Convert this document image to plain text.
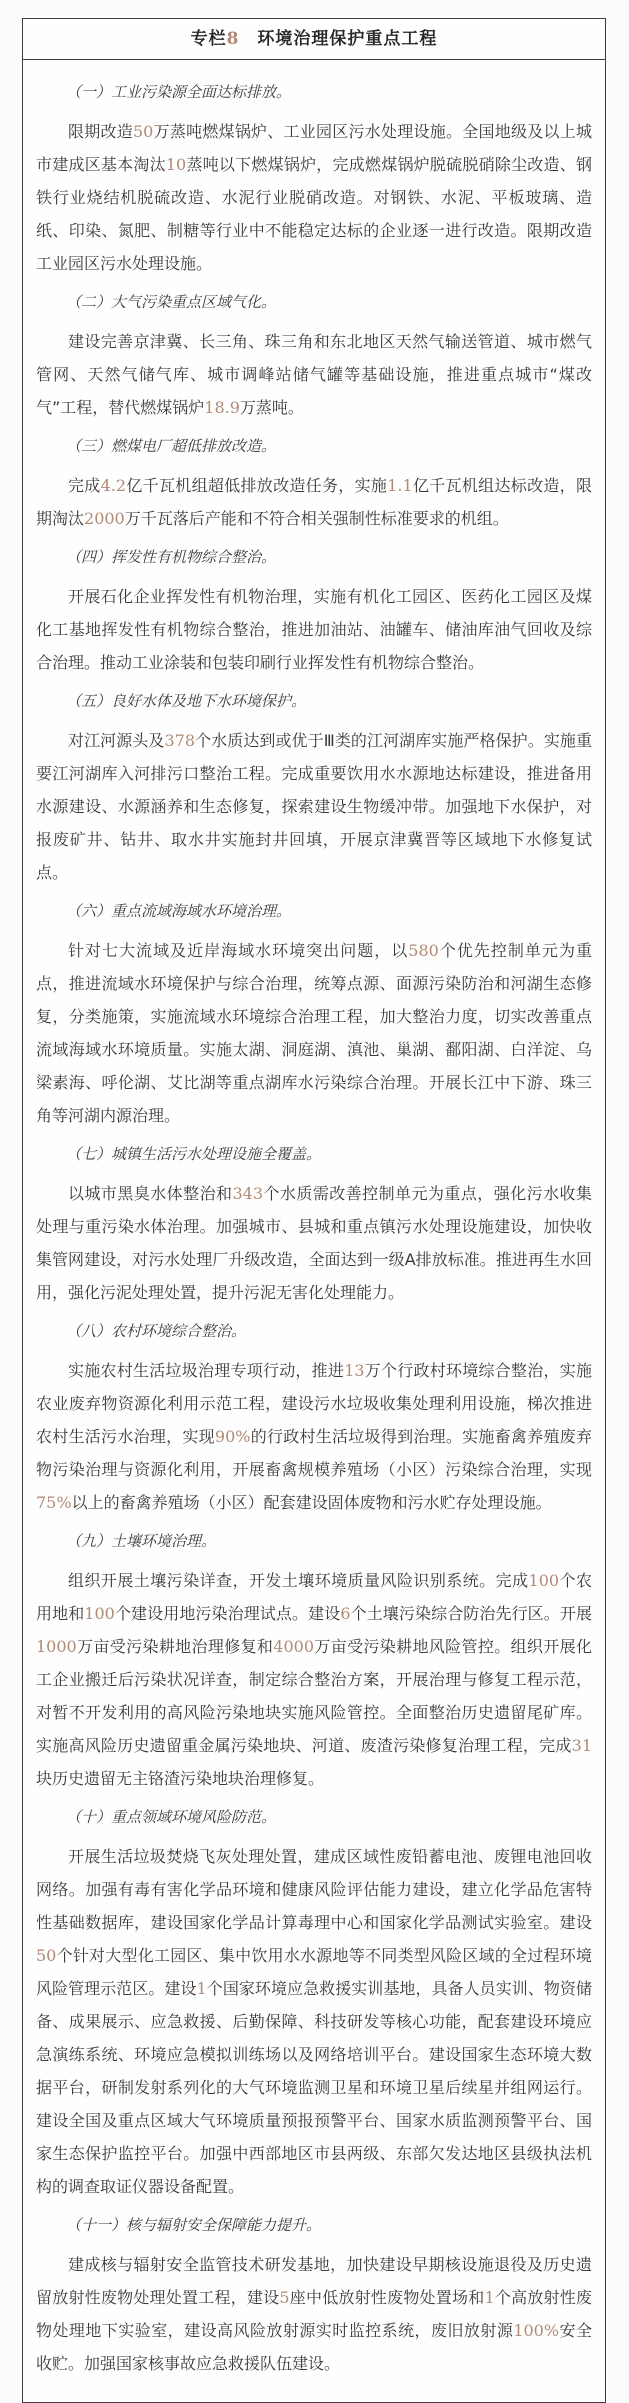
专栏8　环境治理保护重点工程
（一）工业污染源全面达标排放。

限期改造50万蒸吨燃煤锅炉、工业园区污水处理设施。全国地级及以上城市建成区基本淘汰10蒸吨以下燃煤锅炉，完成燃煤锅炉脱硫脱硝除尘改造、钢铁行业烧结机脱硫改造、水泥行业脱硝改造。对钢铁、水泥、平板玻璃、造纸、印染、氮肥、制糖等行业中不能稳定达标的企业逐一进行改造。限期改造工业园区污水处理设施。

（二）大气污染重点区域气化。

建设完善京津冀、长三角、珠三角和东北地区天然气输送管道、城市燃气管网、天然气储气库、城市调峰站储气罐等基础设施，推进重点城市“煤改气”工程，替代燃煤锅炉18.9万蒸吨。

（三）燃煤电厂超低排放改造。

完成4.2亿千瓦机组超低排放改造任务，实施1.1亿千瓦机组达标改造，限期淘汰2000万千瓦落后产能和不符合相关强制性标准要求的机组。

（四）挥发性有机物综合整治。

开展石化企业挥发性有机物治理，实施有机化工园区、医药化工园区及煤化工基地挥发性有机物综合整治，推进加油站、油罐车、储油库油气回收及综合治理。推动工业涂装和包装印刷行业挥发性有机物综合整治。

（五）良好水体及地下水环境保护。

对江河源头及378个水质达到或优于Ⅲ类的江河湖库实施严格保护。实施重要江河湖库入河排污口整治工程。完成重要饮用水水源地达标建设，推进备用水源建设、水源涵养和生态修复，探索建设生物缓冲带。加强地下水保护，对报废矿井、钻井、取水井实施封井回填，开展京津冀晋等区域地下水修复试点。

（六）重点流域海域水环境治理。

针对七大流域及近岸海域水环境突出问题，以580个优先控制单元为重点，推进流域水环境保护与综合治理，统筹点源、面源污染防治和河湖生态修复，分类施策，实施流域水环境综合治理工程，加大整治力度，切实改善重点流域海域水环境质量。实施太湖、洞庭湖、滇池、巢湖、鄱阳湖、白洋淀、乌梁素海、呼伦湖、艾比湖等重点湖库水污染综合治理。开展长江中下游、珠三角等河湖内源治理。

（七）城镇生活污水处理设施全覆盖。

以城市黑臭水体整治和343个水质需改善控制单元为重点，强化污水收集处理与重污染水体治理。加强城市、县城和重点镇污水处理设施建设，加快收集管网建设，对污水处理厂升级改造，全面达到一级A排放标准。推进再生水回用，强化污泥处理处置，提升污泥无害化处理能力。

（八）农村环境综合整治。

实施农村生活垃圾治理专项行动，推进13万个行政村环境综合整治，实施农业废弃物资源化利用示范工程，建设污水垃圾收集处理利用设施，梯次推进农村生活污水治理，实现90%的行政村生活垃圾得到治理。实施畜禽养殖废弃物污染治理与资源化利用，开展畜禽规模养殖场（小区）污染综合治理，实现75%以上的畜禽养殖场（小区）配套建设固体废物和污水贮存处理设施。

（九）土壤环境治理。

组织开展土壤污染详查，开发土壤环境质量风险识别系统。完成100个农用地和100个建设用地污染治理试点。建设6个土壤污染综合防治先行区。开展1000万亩受污染耕地治理修复和4000万亩受污染耕地风险管控。组织开展化工企业搬迁后污染状况详查，制定综合整治方案，开展治理与修复工程示范，对暂不开发利用的高风险污染地块实施风险管控。全面整治历史遗留尾矿库。实施高风险历史遗留重金属污染地块、河道、废渣污染修复治理工程，完成31块历史遗留无主铬渣污染地块治理修复。

（十）重点领域环境风险防范。

开展生活垃圾焚烧飞灰处理处置，建成区域性废铅蓄电池、废锂电池回收网络。加强有毒有害化学品环境和健康风险评估能力建设，建立化学品危害特性基础数据库，建设国家化学品计算毒理中心和国家化学品测试实验室。建设50个针对大型化工园区、集中饮用水水源地等不同类型风险区域的全过程环境风险管理示范区。建设1个国家环境应急救援实训基地，具备人员实训、物资储备、成果展示、应急救援、后勤保障、科技研发等核心功能，配套建设环境应急演练系统、环境应急模拟训练场以及网络培训平台。建设国家生态环境大数据平台，研制发射系列化的大气环境监测卫星和环境卫星后续星并组网运行。建设全国及重点区域大气环境质量预报预警平台、国家水质监测预警平台、国家生态保护监控平台。加强中西部地区市县两级、东部欠发达地区县级执法机构的调查取证仪器设备配置。

（十一）核与辐射安全保障能力提升。

建成核与辐射安全监管技术研发基地，加快建设早期核设施退役及历史遗留放射性废物处理处置工程，建设5座中低放射性废物处置场和1个高放射性废物处理地下实验室，建设高风险放射源实时监控系统，废旧放射源100%安全收贮。加强国家核事故应急救援队伍建设。
